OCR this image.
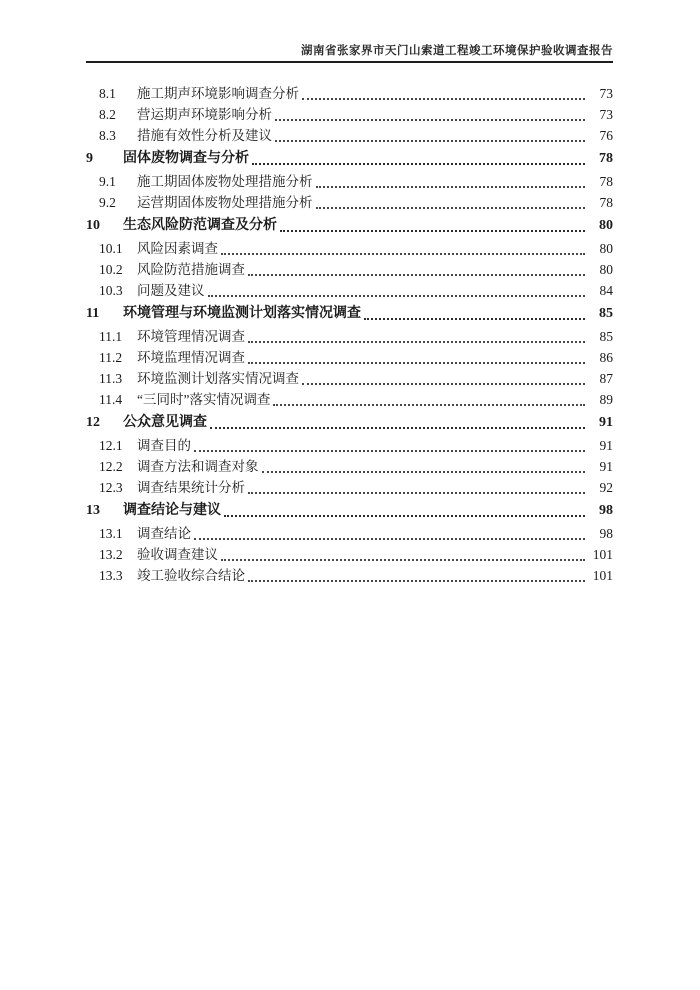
湖南省张家界市天门山索道工程竣工环境保护验收调查报告
8.1	施工期声环境影响调查分析	73
8.2	营运期声环境影响分析	73
8.3	措施有效性分析及建议	76
9	固体废物调查与分析	78
9.1	施工期固体废物处理措施分析	78
9.2	运营期固体废物处理措施分析	78
10	生态风险防范调查及分析	80
10.1	风险因素调查	80
10.2	风险防范措施调查	80
10.3	问题及建议	84
11	环境管理与环境监测计划落实情况调查	85
11.1	环境管理情况调查	85
11.2	环境监理情况调查	86
11.3	环境监测计划落实情况调查	87
11.4	“三同时”落实情况调查	89
12	公众意见调查	91
12.1	调查目的	91
12.2	调查方法和调查对象	91
12.3	调查结果统计分析	92
13	调查结论与建议	98
13.1	调查结论	98
13.2	验收调查建议	101
13.3	竣工验收综合结论	101
